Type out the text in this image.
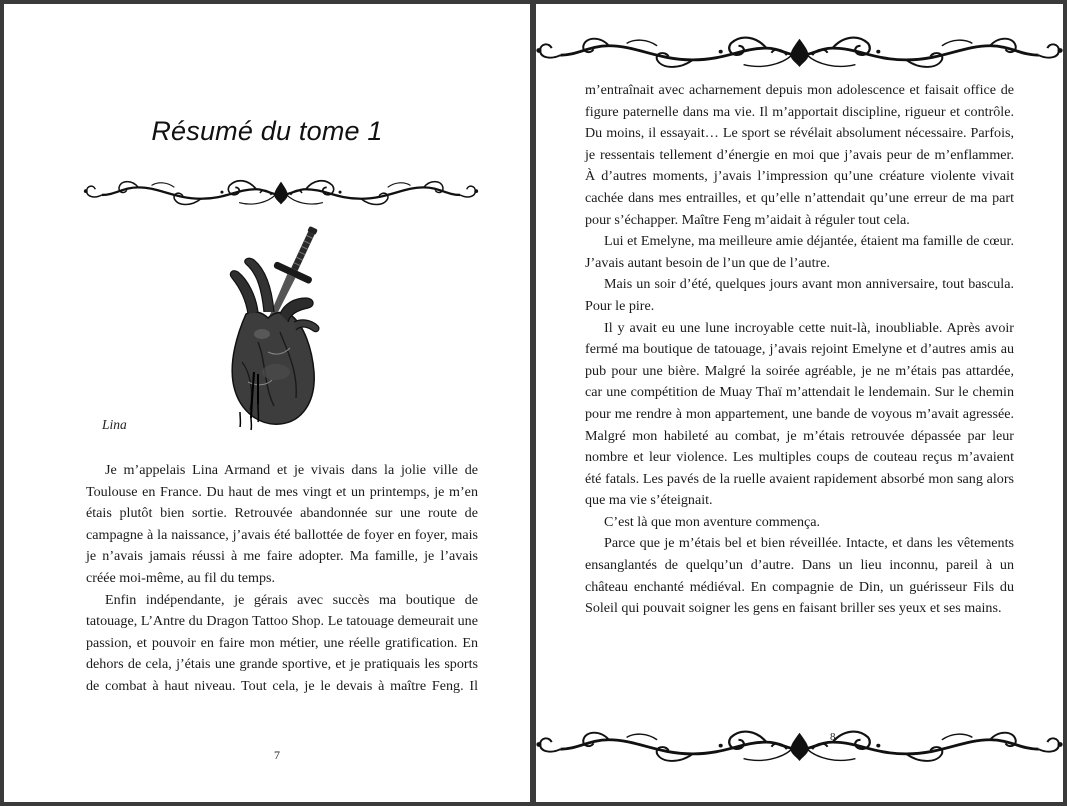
Résumé du tome 1
Lina

Je m’appelais Lina Armand et je vivais dans la jolie ville de Toulouse en France. Du haut de mes vingt et un printemps, je m’en étais plutôt bien sortie. Retrouvée abandonnée sur une route de campagne à la naissance, j’avais été ballottée de foyer en foyer, mais je n’avais jamais réussi à me faire adopter. Ma famille, je l’avais créée moi-même, au fil du temps.

Enfin indépendante, je gérais avec succès ma boutique de tatouage, L’Antre du Dragon Tattoo Shop. Le tatouage demeurait une passion, et pouvoir en faire mon métier, une réelle gratification. En dehors de cela, j’étais une grande sportive, et je pratiquais les sports de combat à haut niveau. Tout cela, je le devais à maître Feng. Il

7

m’entraînait avec acharnement depuis mon adolescence et faisait office de figure paternelle dans ma vie. Il m’apportait discipline, rigueur et contrôle. Du moins, il essayait… Le sport se révélait absolument nécessaire. Parfois, je ressentais tellement d’énergie en moi que j’avais peur de m’enflammer. À d’autres moments, j’avais l’impression qu’une créature violente vivait cachée dans mes entrailles, et qu’elle n’attendait qu’une erreur de ma part pour s’échapper. Maître Feng m’aidait à réguler tout cela.

Lui et Emelyne, ma meilleure amie déjantée, étaient ma famille de cœur. J’avais autant besoin de l’un que de l’autre.

Mais un soir d’été, quelques jours avant mon anniversaire, tout bascula. Pour le pire.

Il y avait eu une lune incroyable cette nuit-là, inoubliable. Après avoir fermé ma boutique de tatouage, j’avais rejoint Emelyne et d’autres amis au pub pour une bière. Malgré la soirée agréable, je ne m’étais pas attardée, car une compétition de Muay Thaï m’attendait le lendemain. Sur le chemin pour me rendre à mon appartement, une bande de voyous m’avait agressée. Malgré mon habileté au combat, je m’étais retrouvée dépassée par leur nombre et leur violence. Les multiples coups de couteau reçus m’avaient été fatals. Les pavés de la ruelle avaient rapidement absorbé mon sang alors que ma vie s’éteignait.

C’est là que mon aventure commença.

Parce que je m’étais bel et bien réveillée. Intacte, et dans les vêtements ensanglantés de quelqu’un d’autre. Dans un lieu inconnu, pareil à un château enchanté médiéval. En compagnie de Din, un guérisseur Fils du Soleil qui pouvait soigner les gens en faisant briller ses yeux et ses mains.

8
